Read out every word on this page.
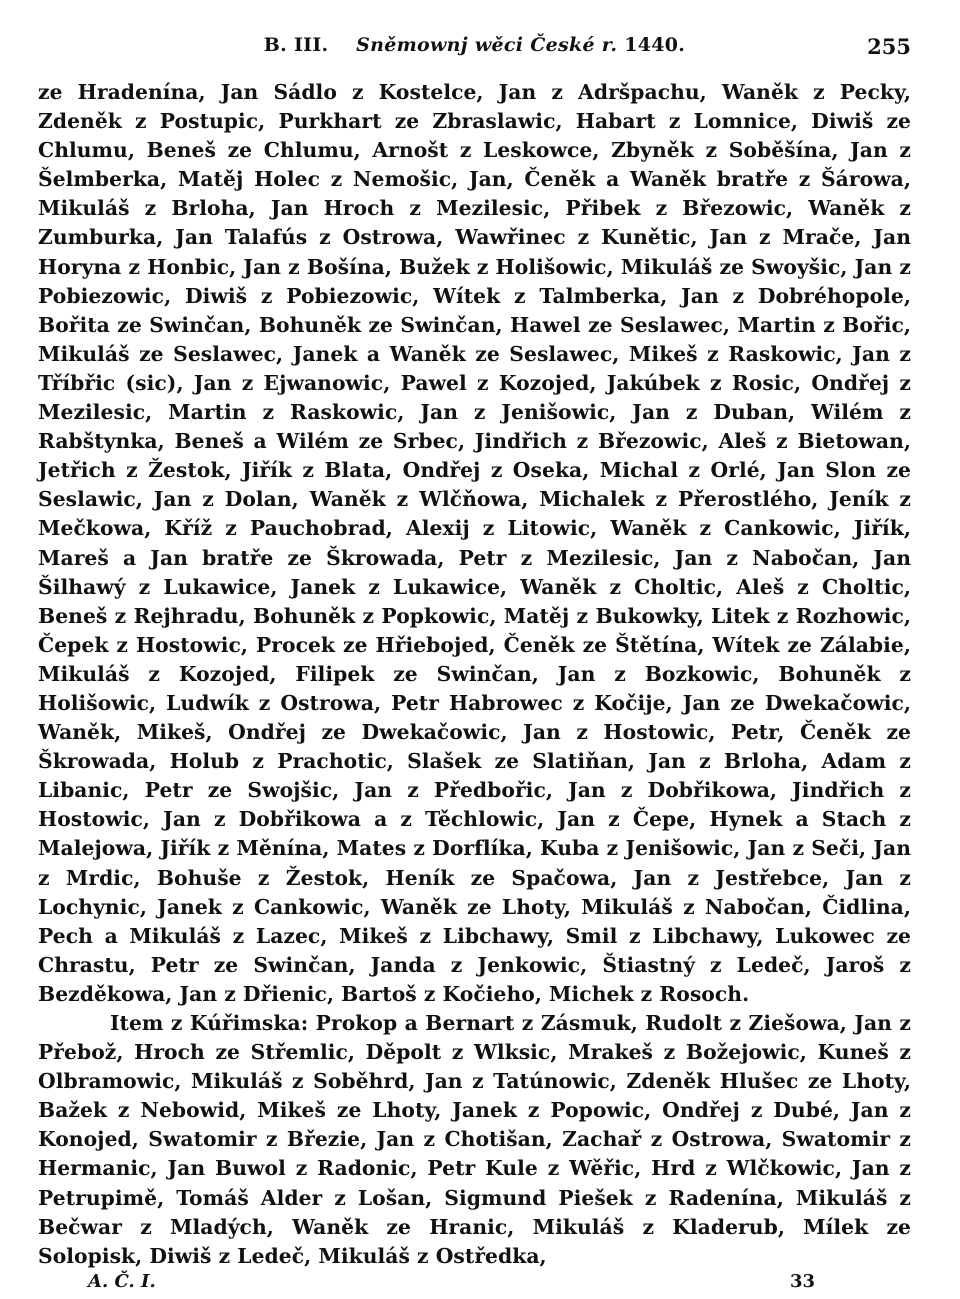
B. III. Sněmownj wěci České r. 1440.	255

ze Hradenína, Jan Sádlo z Kostelce, Jan z Adršpachu, Waněk z Pecky, Zdeněk z Postupic, Purkhart ze Zbraslawic, Habart z Lomnice, Diwiš ze Chlumu, Beneš ze Chlumu, Arnošt z Leskowce, Zbyněk z Soběšína, Jan z Šelmberka, Matěj Holec z Nemošic, Jan, Čeněk a Waněk bratře z Šárowa, Mikuláš z Brloha, Jan Hroch z Mezilesic, Přibek z Březowic, Waněk z Zumburka, Jan Talafús z Ostrowa, Wawřinec z Kunětic, Jan z Mrače, Jan Horyna z Honbic, Jan z Bošína, Bužek z Holišowic, Mikuláš ze Swoyšic, Jan z Pobiezowic, Diwiš z Pobiezowic, Wítek z Talmberka, Jan z Dobréhopole, Bořita ze Swinčan, Bohuněk ze Swinčan, Hawel ze Seslawec, Martin z Bořic, Mikuláš ze Seslawec, Janek a Waněk ze Seslawec, Mikeš z Raskowic, Jan z Tříbřic (sic), Jan z Ejwanowic, Pawel z Kozojed, Jakúbek z Rosic, Ondřej z Mezilesic, Martin z Raskowic, Jan z Jenišowic, Jan z Duban, Wilém z Rabštynka, Beneš a Wilém ze Srbec, Jindřich z Březowic, Aleš z Bietowan, Jetřich z Žestok, Jiřík z Blata, Ondřej z Oseka, Michal z Orlé, Jan Slon ze Seslawic, Jan z Dolan, Waněk z Wlčňowa, Michalek z Přerostlého, Jeník z Mečkowa, Kříž z Pauchobrad, Alexij z Litowic, Waněk z Cankowic, Jiřík, Mareš a Jan bratře ze Škrowada, Petr z Mezilesic, Jan z Nabočan, Jan Šilhawý z Lukawice, Janek z Lukawice, Waněk z Choltic, Aleš z Choltic, Beneš z Rejhradu, Bohuněk z Popkowic, Matěj z Bukowky, Litek z Rozhowic, Čepek z Hostowic, Procek ze Hřiebojed, Čeněk ze Štětína, Wítek ze Zálabie, Mikuláš z Kozojed, Filipek ze Swinčan, Jan z Bozkowic, Bohuněk z Holišowic, Ludwík z Ostrowa, Petr Habrowec z Kočije, Jan ze Dwekačowic, Waněk, Mikeš, Ondřej ze Dwekačowic, Jan z Hostowic, Petr, Čeněk ze Škrowada, Holub z Prachotic, Slašek ze Slatiňan, Jan z Brloha, Adam z Libanic, Petr ze Swojšic, Jan z Předbořic, Jan z Dobřikowa, Jindřich z Hostowic, Jan z Dobřikowa a z Těchlowic, Jan z Čepe, Hynek a Stach z Malejowa, Jiřík z Měnína, Mates z Dorflíka, Kuba z Jenišowic, Jan z Seči, Jan z Mrdic, Bohuše z Žestok, Heník ze Spačowa, Jan z Jestřebce, Jan z Lochynic, Janek z Cankowic, Waněk ze Lhoty, Mikuláš z Nabočan, Čidlina, Pech a Mikuláš z Lazec, Mikeš z Libchawy, Smil z Libchawy, Lukowec ze Chrastu, Petr ze Swinčan, Janda z Jenkowic, Štiastný z Ledeč, Jaroš z Bezděkowa, Jan z Dřienic, Bartoš z Kočieho, Michek z Rosoch.

Item z Kúřimska: Prokop a Bernart z Zásmuk, Rudolt z Ziešowa, Jan z Přebož, Hroch ze Střemlic, Děpolt z Wlksic, Mrakeš z Božejowic, Kuneš z Olbramowic, Mikuláš z Soběhrd, Jan z Tatúnowic, Zdeněk Hlušec ze Lhoty, Bažek z Nebowid, Mikeš ze Lhoty, Janek z Popowic, Ondřej z Dubé, Jan z Konojed, Swatomir z Březie, Jan z Chotišan, Zachař z Ostrowa, Swatomir z Hermanic, Jan Buwol z Radonic, Petr Kule z Wěřic, Hrd z Wlčkowic, Jan z Petrupimě, Tomáš Alder z Lošan, Sigmund Piešek z Radenína, Mikuláš z Bečwar z Mladých, Waněk ze Hranic, Mikuláš z Kladerub, Mílek ze Solopisk, Diwiš z Ledeč, Mikuláš z Ostředka,

A. Č. I.	33
